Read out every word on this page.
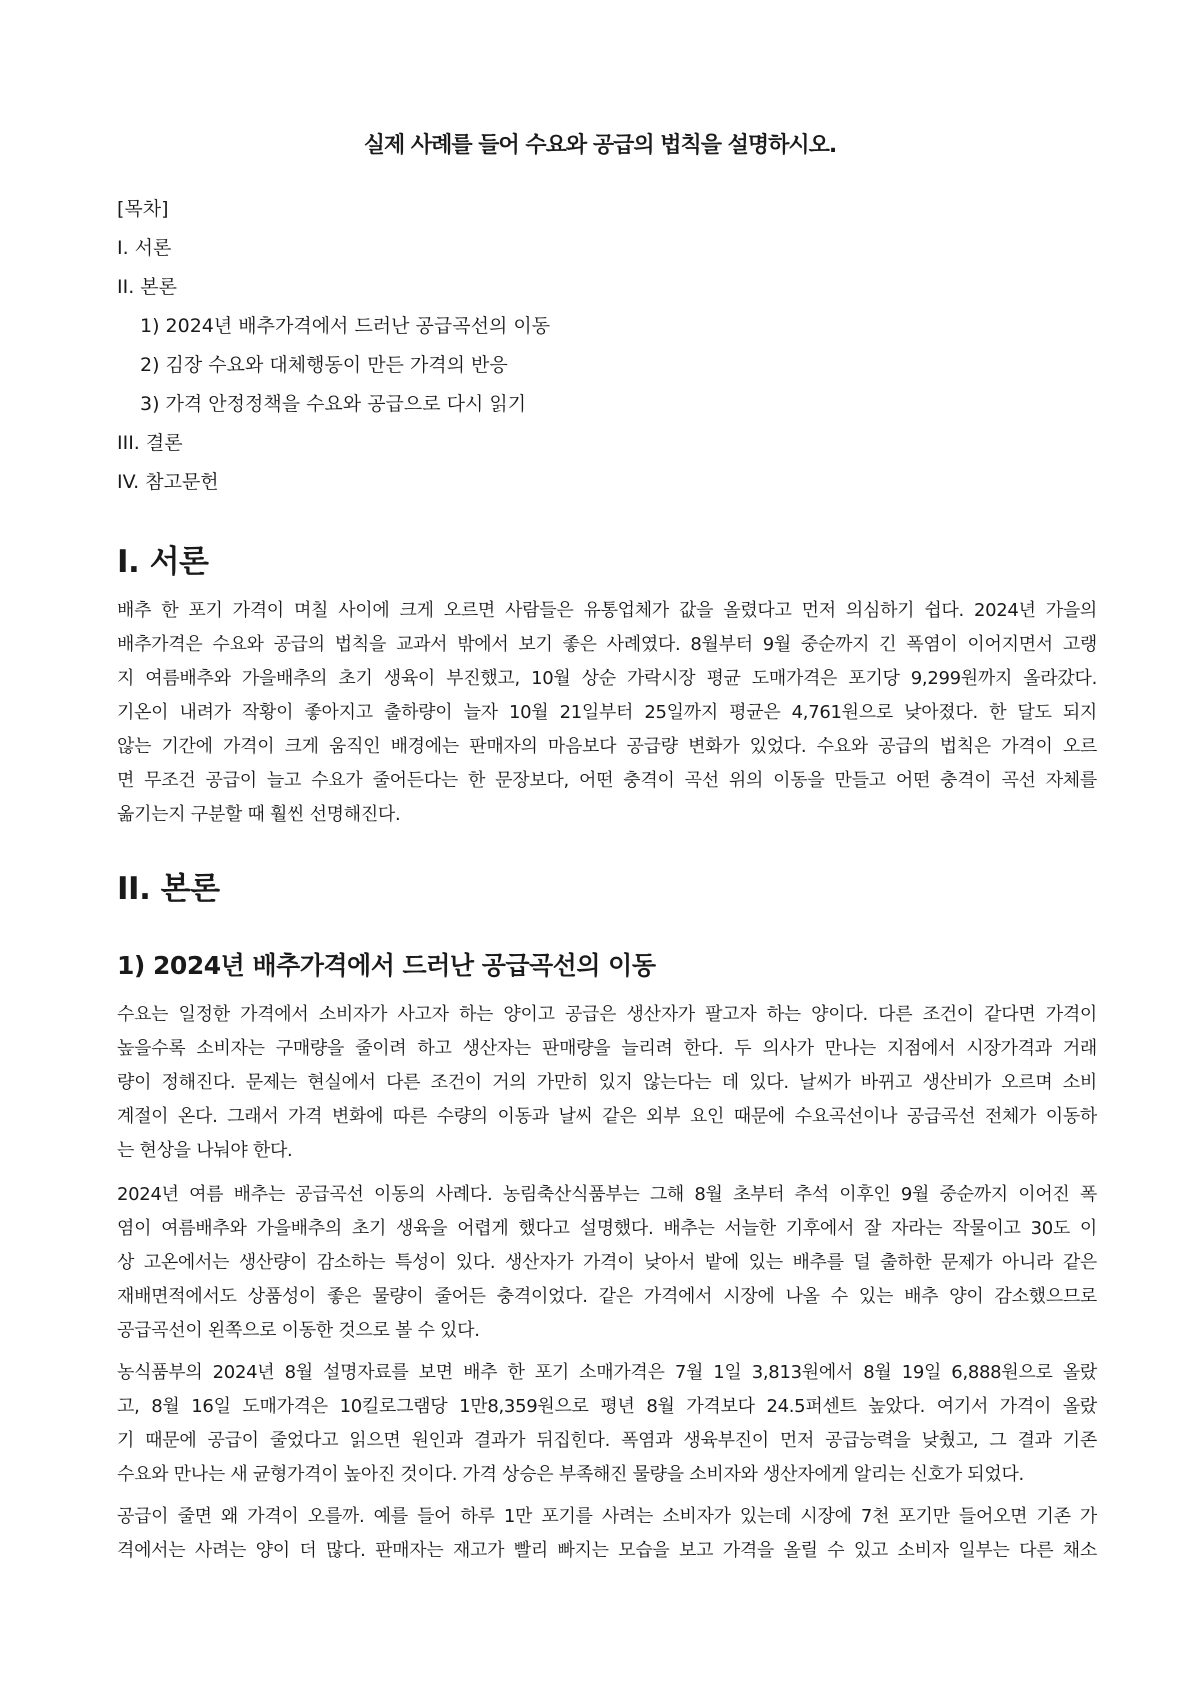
실제 사례를 들어 수요와 공급의 법칙을 설명하시오.
[목차]
I. 서론
II. 본론
1) 2024년 배추가격에서 드러난 공급곡선의 이동
2) 김장 수요와 대체행동이 만든 가격의 반응
3) 가격 안정정책을 수요와 공급으로 다시 읽기
III. 결론
IV. 참고문헌
I. 서론
배추 한 포기 가격이 며칠 사이에 크게 오르면 사람들은 유통업체가 값을 올렸다고 먼저 의심하기 쉽다. 2024년 가을의
배추가격은 수요와 공급의 법칙을 교과서 밖에서 보기 좋은 사례였다. 8월부터 9월 중순까지 긴 폭염이 이어지면서 고랭
지 여름배추와 가을배추의 초기 생육이 부진했고, 10월 상순 가락시장 평균 도매가격은 포기당 9,299원까지 올라갔다.
기온이 내려가 작황이 좋아지고 출하량이 늘자 10월 21일부터 25일까지 평균은 4,761원으로 낮아졌다. 한 달도 되지
않는 기간에 가격이 크게 움직인 배경에는 판매자의 마음보다 공급량 변화가 있었다. 수요와 공급의 법칙은 가격이 오르
면 무조건 공급이 늘고 수요가 줄어든다는 한 문장보다, 어떤 충격이 곡선 위의 이동을 만들고 어떤 충격이 곡선 자체를
옮기는지 구분할 때 훨씬 선명해진다.
II. 본론
1) 2024년 배추가격에서 드러난 공급곡선의 이동
수요는 일정한 가격에서 소비자가 사고자 하는 양이고 공급은 생산자가 팔고자 하는 양이다. 다른 조건이 같다면 가격이
높을수록 소비자는 구매량을 줄이려 하고 생산자는 판매량을 늘리려 한다. 두 의사가 만나는 지점에서 시장가격과 거래
량이 정해진다. 문제는 현실에서 다른 조건이 거의 가만히 있지 않는다는 데 있다. 날씨가 바뀌고 생산비가 오르며 소비
계절이 온다. 그래서 가격 변화에 따른 수량의 이동과 날씨 같은 외부 요인 때문에 수요곡선이나 공급곡선 전체가 이동하
는 현상을 나눠야 한다.
2024년 여름 배추는 공급곡선 이동의 사례다. 농림축산식품부는 그해 8월 초부터 추석 이후인 9월 중순까지 이어진 폭
염이 여름배추와 가을배추의 초기 생육을 어렵게 했다고 설명했다. 배추는 서늘한 기후에서 잘 자라는 작물이고 30도 이
상 고온에서는 생산량이 감소하는 특성이 있다. 생산자가 가격이 낮아서 밭에 있는 배추를 덜 출하한 문제가 아니라 같은
재배면적에서도 상품성이 좋은 물량이 줄어든 충격이었다. 같은 가격에서 시장에 나올 수 있는 배추 양이 감소했으므로
공급곡선이 왼쪽으로 이동한 것으로 볼 수 있다.
농식품부의 2024년 8월 설명자료를 보면 배추 한 포기 소매가격은 7월 1일 3,813원에서 8월 19일 6,888원으로 올랐
고, 8월 16일 도매가격은 10킬로그램당 1만8,359원으로 평년 8월 가격보다 24.5퍼센트 높았다. 여기서 가격이 올랐
기 때문에 공급이 줄었다고 읽으면 원인과 결과가 뒤집힌다. 폭염과 생육부진이 먼저 공급능력을 낮췄고, 그 결과 기존
수요와 만나는 새 균형가격이 높아진 것이다. 가격 상승은 부족해진 물량을 소비자와 생산자에게 알리는 신호가 되었다.
공급이 줄면 왜 가격이 오를까. 예를 들어 하루 1만 포기를 사려는 소비자가 있는데 시장에 7천 포기만 들어오면 기존 가
격에서는 사려는 양이 더 많다. 판매자는 재고가 빨리 빠지는 모습을 보고 가격을 올릴 수 있고 소비자 일부는 다른 채소
